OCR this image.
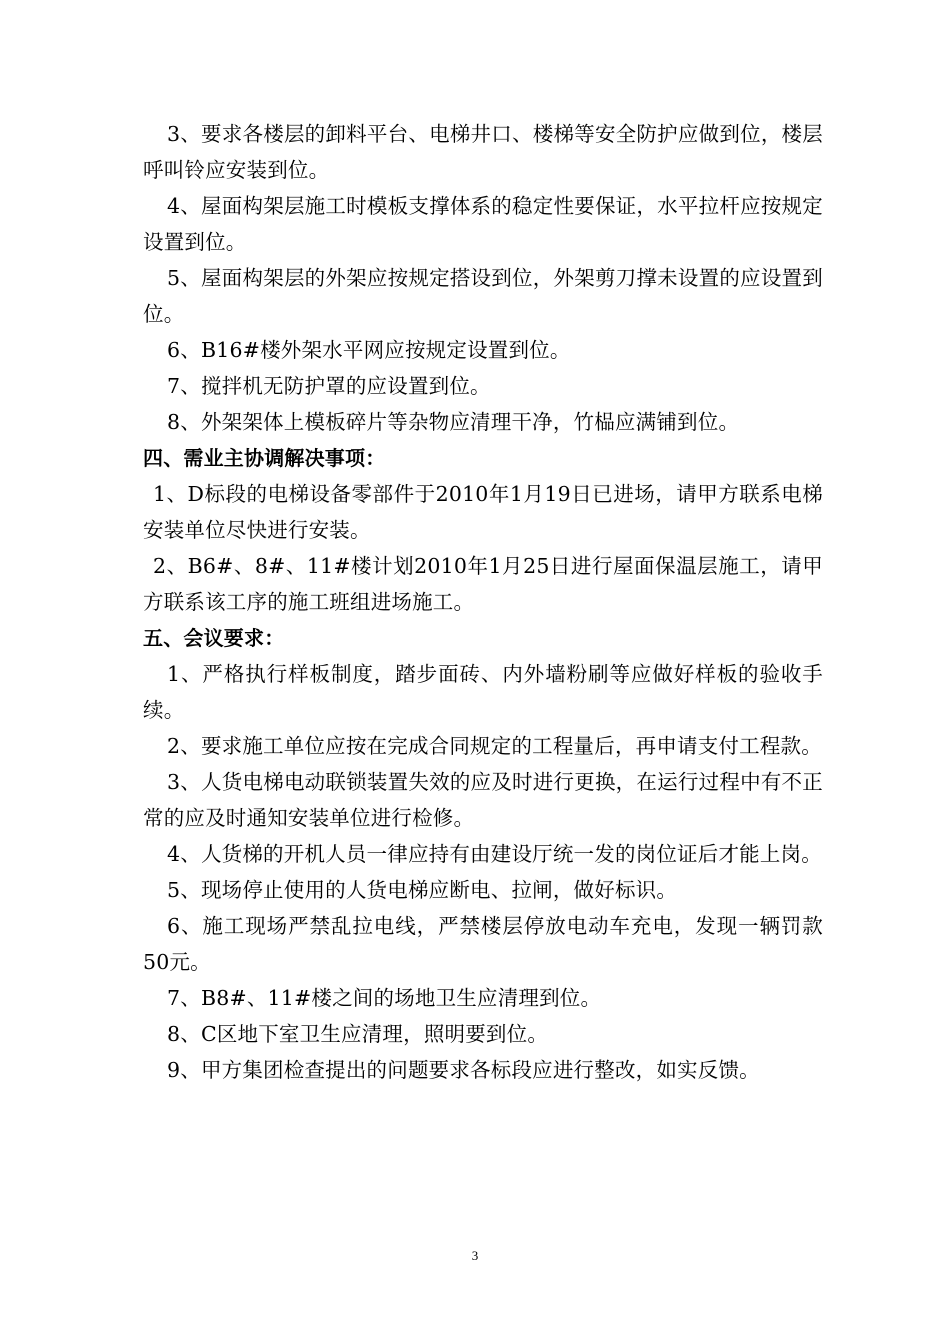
3、要求各楼层的卸料平台、电梯井口、楼梯等安全防护应做到位，楼层呼叫铃应安装到位。

4、屋面构架层施工时模板支撑体系的稳定性要保证，水平拉杆应按规定设置到位。

5、屋面构架层的外架应按规定搭设到位，外架剪刀撑未设置的应设置到位。

6、B16#楼外架水平网应按规定设置到位。

7、搅拌机无防护罩的应设置到位。

8、外架架体上模板碎片等杂物应清理干净，竹榀应满铺到位。

四、需业主协调解决事项：

1、D标段的电梯设备零部件于2010年1月19日已进场，请甲方联系电梯安装单位尽快进行安装。

2、B6#、8#、11#楼计划2010年1月25日进行屋面保温层施工，请甲方联系该工序的施工班组进场施工。

五、会议要求：

1、严格执行样板制度，踏步面砖、内外墙粉刷等应做好样板的验收手续。

2、要求施工单位应按在完成合同规定的工程量后，再申请支付工程款。

3、人货电梯电动联锁装置失效的应及时进行更换，在运行过程中有不正常的应及时通知安装单位进行检修。

4、人货梯的开机人员一律应持有由建设厅统一发的岗位证后才能上岗。

5、现场停止使用的人货电梯应断电、拉闸，做好标识。

6、施工现场严禁乱拉电线，严禁楼层停放电动车充电，发现一辆罚款50元。

7、B8#、11#楼之间的场地卫生应清理到位。

8、C区地下室卫生应清理，照明要到位。

9、甲方集团检查提出的问题要求各标段应进行整改，如实反馈。

3
